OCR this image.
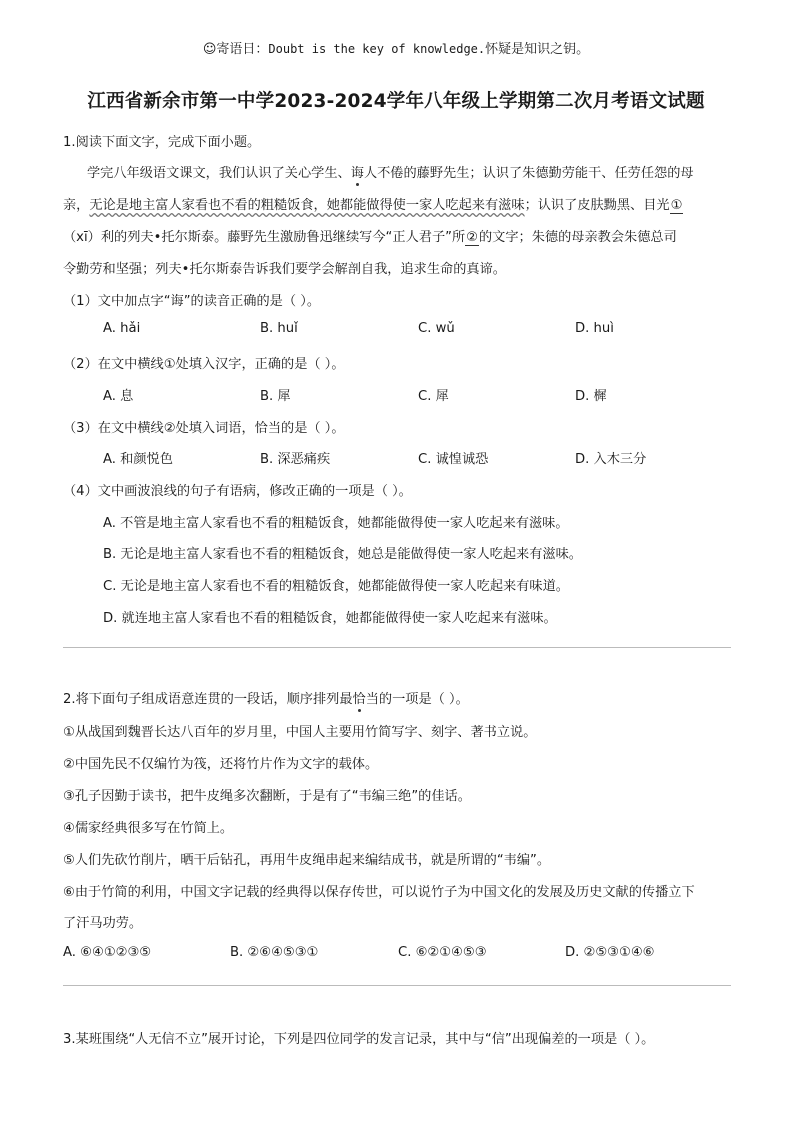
☺寄语日：Doubt is the key of knowledge.怀疑是知识之钥。
江西省新余市第一中学2023-2024学年八年级上学期第二次月考语文试题
1.阅读下面文字，完成下面小题。
学完八年级语文课文，我们认识了关心学生、诲人不倦的藤野先生；认识了朱德勤劳能干、任劳任怨的母
亲，无论是地主富人家看也不看的粗糙饭食，她都能做得使一家人吃起来有滋味；认识了皮肤黝黑、目光①
（xī）利的列夫•托尔斯泰。藤野先生激励鲁迅继续写今“正人君子”所②的文字；朱德的母亲教会朱德总司
令勤劳和坚强；列夫•托尔斯泰告诉我们要学会解剖自我，追求生命的真谛。
（1）文中加点字“诲”的读音正确的是（ ）。
A. hǎi	B. huǐ	C. wǔ	D. huì
（2）在文中横线①处填入汉字，正确的是（ ）。
A. 息	B. 犀	C. 犀	D. 樨
（3）在文中横线②处填入词语，恰当的是（ ）。
A. 和颜悦色	B. 深恶痛疾	C. 诚惶诚恐	D. 入木三分
（4）文中画波浪线的句子有语病，修改正确的一项是（ ）。
A. 不管是地主富人家看也不看的粗糙饭食，她都能做得使一家人吃起来有滋味。
B. 无论是地主富人家看也不看的粗糙饭食，她总是能做得使一家人吃起来有滋味。
C. 无论是地主富人家看也不看的粗糙饭食，她都能做得使一家人吃起来有味道。
D. 就连地主富人家看也不看的粗糙饭食，她都能做得使一家人吃起来有滋味。
2.将下面句子组成语意连贯的一段话，顺序排列最恰当的一项是（ ）。
①从战国到魏晋长达八百年的岁月里，中国人主要用竹简写字、刻字、著书立说。
②中国先民不仅编竹为筏，还将竹片作为文字的载体。
③孔子因勤于读书，把牛皮绳多次翻断，于是有了“韦编三绝”的佳话。
④儒家经典很多写在竹简上。
⑤人们先砍竹削片，晒干后钻孔，再用牛皮绳串起来编结成书，就是所谓的“韦编”。
⑥由于竹简的利用，中国文字记载的经典得以保存传世，可以说竹子为中国文化的发展及历史文献的传播立下
了汗马功劳。
A. ⑥④①②③⑤	B. ②⑥④⑤③①	C. ⑥②①④⑤③	D. ②⑤③①④⑥
3.某班围绕“人无信不立”展开讨论，下列是四位同学的发言记录，其中与“信”出现偏差的一项是（ ）。
